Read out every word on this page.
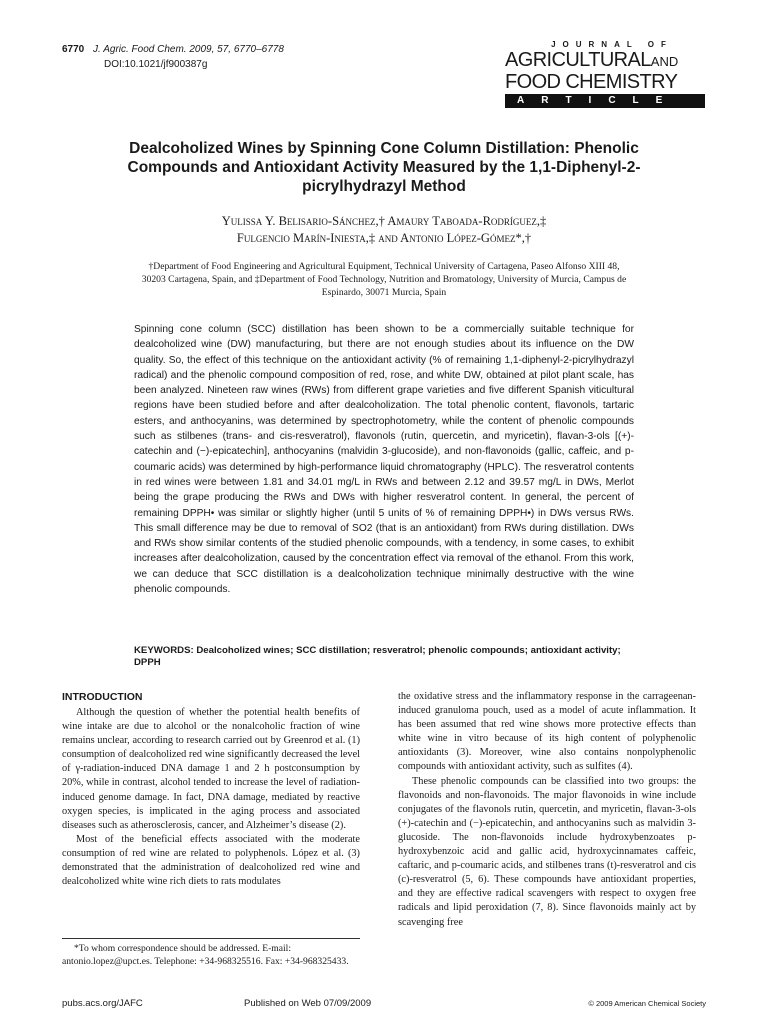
6770 J. Agric. Food Chem. 2009, 57, 6770–6778
DOI:10.1021/jf900387g
JOURNAL OF
AGRICULTURALAND
FOOD CHEMISTRY
ARTICLE
Dealcoholized Wines by Spinning Cone Column Distillation: Phenolic Compounds and Antioxidant Activity Measured by the 1,1-Diphenyl-2-picrylhydrazyl Method
Yulissa Y. Belisario-Sánchez,† Amaury Taboada-Rodríguez,‡
Fulgencio Marín-Iniesta,‡ and Antonio López-Gómez*,†
†Department of Food Engineering and Agricultural Equipment, Technical University of Cartagena, Paseo Alfonso XIII 48, 30203 Cartagena, Spain, and ‡Department of Food Technology, Nutrition and Bromatology, University of Murcia, Campus de Espinardo, 30071 Murcia, Spain

Spinning cone column (SCC) distillation has been shown to be a commercially suitable technique for dealcoholized wine (DW) manufacturing, but there are not enough studies about its influence on the DW quality. So, the effect of this technique on the antioxidant activity (% of remaining 1,1-diphenyl-2-picrylhydrazyl radical) and the phenolic compound composition of red, rose, and white DW, obtained at pilot plant scale, has been analyzed. Nineteen raw wines (RWs) from different grape varieties and five different Spanish viticultural regions have been studied before and after dealcoholization. The total phenolic content, flavonols, tartaric esters, and anthocyanins, was determined by spectrophotometry, while the content of phenolic compounds such as stilbenes (trans- and cis-resveratrol), flavonols (rutin, quercetin, and myricetin), flavan-3-ols [(+)-catechin and (−)-epicatechin], anthocyanins (malvidin 3-glucoside), and non-flavonoids (gallic, caffeic, and p-coumaric acids) was determined by high-performance liquid chromatography (HPLC). The resveratrol contents in red wines were between 1.81 and 34.01 mg/L in RWs and between 2.12 and 39.57 mg/L in DWs, Merlot being the grape producing the RWs and DWs with higher resveratrol content. In general, the percent of remaining DPPH• was similar or slightly higher (until 5 units of % of remaining DPPH•) in DWs versus RWs. This small difference may be due to removal of SO2 (that is an antioxidant) from RWs during distillation. DWs and RWs show similar contents of the studied phenolic compounds, with a tendency, in some cases, to exhibit increases after dealcoholization, caused by the concentration effect via removal of the ethanol. From this work, we can deduce that SCC distillation is a dealcoholization technique minimally destructive with the wine phenolic compounds.

KEYWORDS: Dealcoholized wines; SCC distillation; resveratrol; phenolic compounds; antioxidant activity; DPPH

INTRODUCTION

Although the question of whether the potential health benefits of wine intake are due to alcohol or the nonalcoholic fraction of wine remains unclear, according to research carried out by Greenrod et al. (1) consumption of dealcoholized red wine significantly decreased the level of γ-radiation-induced DNA damage 1 and 2 h postconsumption by 20%, while in contrast, alcohol tended to increase the level of radiation-induced genome damage. In fact, DNA damage, mediated by reactive oxygen species, is implicated in the aging process and associated diseases such as atherosclerosis, cancer, and Alzheimer’s disease (2).

Most of the beneficial effects associated with the moderate consumption of red wine are related to polyphenols. López et al. (3) demonstrated that the administration of dealcoholized red wine and dealcoholized white wine rich diets to rats modulates

the oxidative stress and the inflammatory response in the carrageenan-induced granuloma pouch, used as a model of acute inflammation. It has been assumed that red wine shows more protective effects than white wine in vitro because of its high content of polyphenolic antioxidants (3). Moreover, wine also contains nonpolyphenolic compounds with antioxidant activity, such as sulfites (4).

These phenolic compounds can be classified into two groups: the flavonoids and non-flavonoids. The major flavonoids in wine include conjugates of the flavonols rutin, quercetin, and myricetin, flavan-3-ols (+)-catechin and (−)-epicatechin, and anthocyanins such as malvidin 3-glucoside. The non-flavonoids include hydroxybenzoates p-hydroxybenzoic acid and gallic acid, hydroxycinnamates caffeic, caftaric, and p-coumaric acids, and stilbenes trans (t)-resveratrol and cis (c)-resveratrol (5, 6). These compounds have antioxidant properties, and they are effective radical scavengers with respect to oxygen free radicals and lipid peroxidation (7, 8). Since flavonoids mainly act by scavenging free

*To whom correspondence should be addressed. E-mail: antonio.lopez@upct.es. Telephone: +34-968325516. Fax: +34-968325433.

pubs.acs.org/JAFC	Published on Web 07/09/2009	© 2009 American Chemical Society
